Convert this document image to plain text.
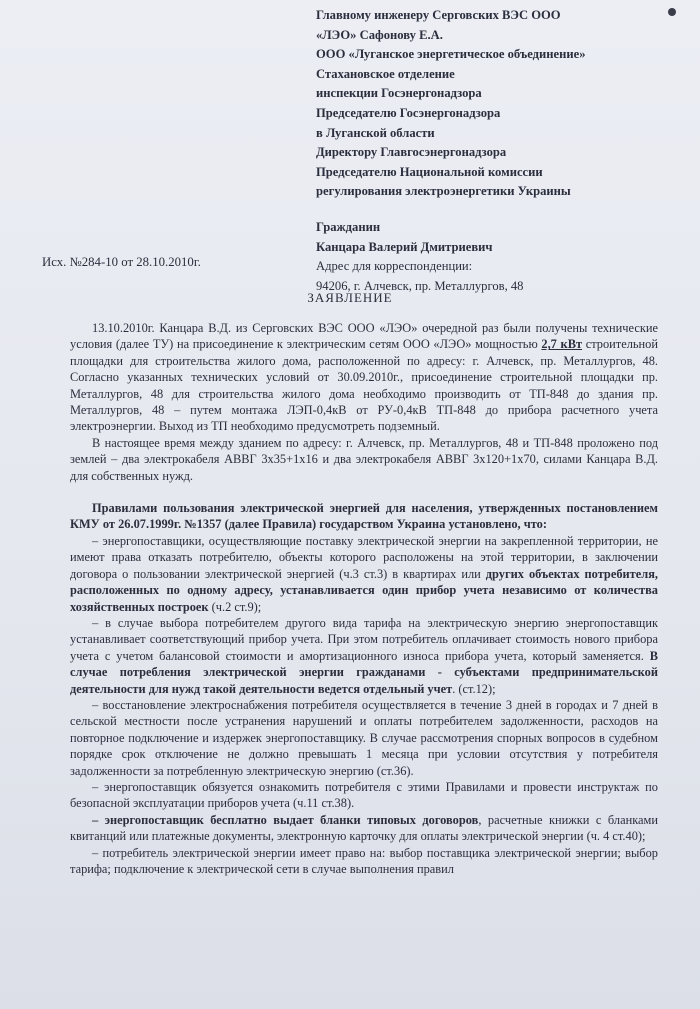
Главному инженеру Серговских ВЭС ООО
«ЛЭО» Сафонову Е.А.
ООО «Луганское энергетическое объединение»
Стахановское отделение
инспекции Госэнергонадзора
Председателю Госэнергонадзора
в Луганской области
Директору Главгосэнергонадзора
Председателю Национальной комиссии
регулирования электроэнергетики Украины
Гражданин
Канцара Валерий Дмитриевич
Адрес для корреспонденции:
94206, г. Алчевск, пр. Металлургов, 48
Исх. №284-10 от 28.10.2010г.
ЗАЯВЛЕНИЕ

13.10.2010г. Канцара В.Д. из Серговских ВЭС ООО «ЛЭО» очередной раз были получены технические условия (далее ТУ) на присоединение к электрическим сетям ООО «ЛЭО» мощностью 2,7 кВт строительной площадки для строительства жилого дома, расположенной по адресу: г. Алчевск, пр. Металлургов, 48. Согласно указанных технических условий от 30.09.2010г., присоединение строительной площадки пр. Металлургов, 48 для строительства жилого дома необходимо производить от ТП-848 до здания пр. Металлургов, 48 – путем монтажа ЛЭП-0,4кВ от РУ-0,4кВ ТП-848 до прибора расчетного учета электроэнергии. Выход из ТП необходимо предусмотреть подземный.

В настоящее время между зданием по адресу: г. Алчевск, пр. Металлургов, 48 и ТП-848 проложено под землей – два электрокабеля АВВГ 3х35+1х16 и два электрокабеля АВВГ 3х120+1х70, силами Канцара В.Д. для собственных нужд.

Правилами пользования электрической энергией для населения, утвержденных постановлением КМУ от 26.07.1999г. №1357 (далее Правила) государством Украина установлено, что:

– энергопоставщики, осуществляющие поставку электрической энергии на закрепленной территории, не имеют права отказать потребителю, объекты которого расположены на этой территории, в заключении договора о пользовании электрической энергией (ч.3 ст.3) в квартирах или других объектах потребителя, расположенных по одному адресу, устанавливается один прибор учета независимо от количества хозяйственных построек (ч.2 ст.9);

– в случае выбора потребителем другого вида тарифа на электрическую энергию энергопоставщик устанавливает соответствующий прибор учета. При этом потребитель оплачивает стоимость нового прибора учета с учетом балансовой стоимости и амортизационного износа прибора учета, который заменяется. В случае потребления электрической энергии гражданами - субъектами предпринимательской деятельности для нужд такой деятельности ведется отдельный учет. (ст.12);

– восстановление электроснабжения потребителя осуществляется в течение 3 дней в городах и 7 дней в сельской местности после устранения нарушений и оплаты потребителем задолженности, расходов на повторное подключение и издержек энергопоставщику. В случае рассмотрения спорных вопросов в судебном порядке срок отключение не должно превышать 1 месяца при условии отсутствия у потребителя задолженности за потребленную электрическую энергию (ст.36).

– энергопоставщик обязуется ознакомить потребителя с этими Правилами и провести инструктаж по безопасной эксплуатации приборов учета (ч.11 ст.38).

– энергопоставщик бесплатно выдает бланки типовых договоров, расчетные книжки с бланками квитанций или платежные документы, электронную карточку для оплаты электрической энергии (ч. 4 ст.40);

– потребитель электрической энергии имеет право на: выбор поставщика электрической энергии; выбор тарифа; подключение к электрической сети в случае выполнения правил
